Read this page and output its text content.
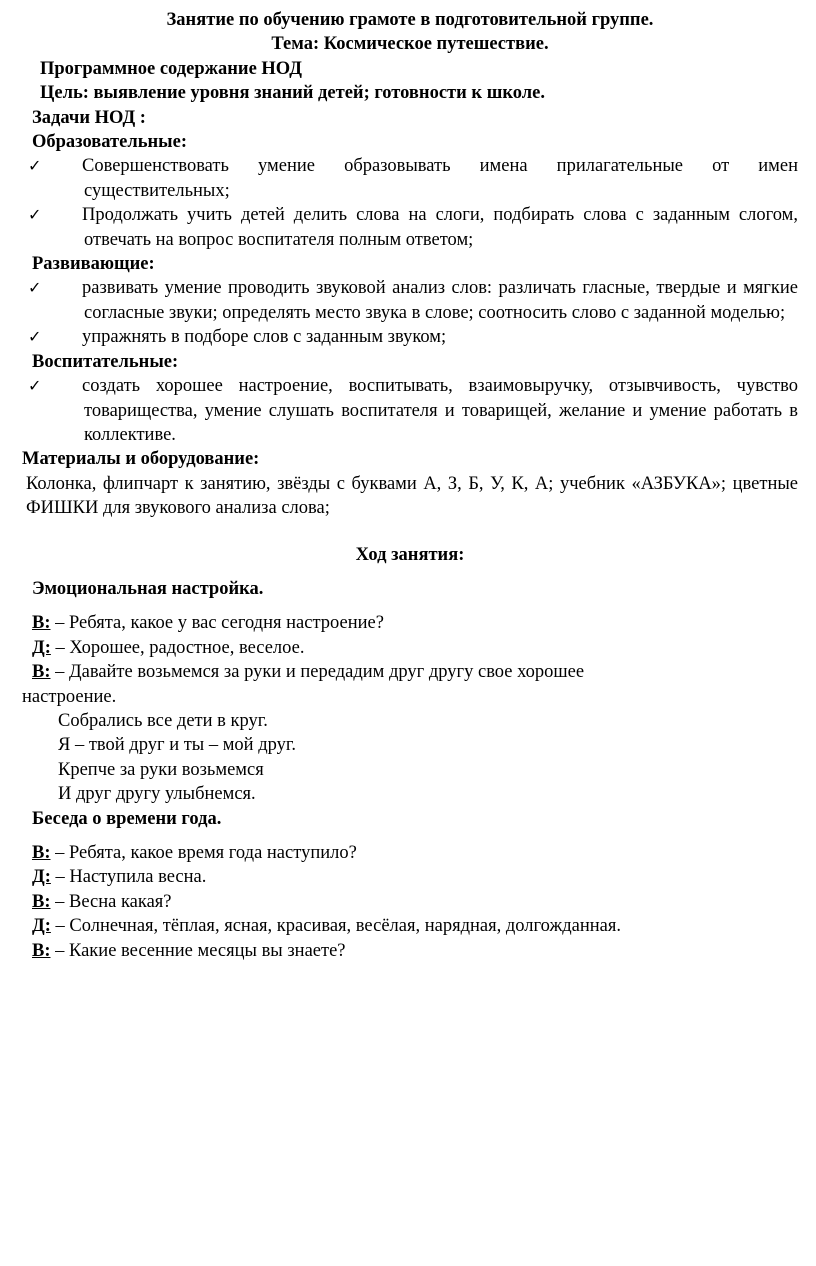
Занятие по обучению грамоте в подготовительной группе.

Тема: Космическое путешествие.

Программное содержание НОД

Цель: выявление уровня знаний детей; готовности к школе.

Задачи НОД :

Образовательные:

✓ Совершенствовать умение образовывать имена прилагательные от имен существительных;

✓ Продолжать учить детей делить слова на слоги, подбирать слова с заданным слогом, отвечать на вопрос воспитателя полным ответом;

Развивающие:

✓ развивать умение проводить звуковой анализ слов: различать гласные, твердые и мягкие согласные звуки; определять место звука в слове; соотносить слово с заданной моделью;

✓ упражнять в подборе слов с заданным звуком;

Воспитательные:

✓ создать хорошее настроение, воспитывать, взаимовыручку, отзывчивость, чувство товарищества, умение слушать воспитателя и товарищей, желание и умение работать в коллективе.

Материалы и оборудование:

Колонка, флипчарт к занятию, звёзды с буквами А, З, Б, У, К, А; учебник «АЗБУКА»; цветные ФИШКИ для звукового анализа слова;

Ход занятия:

Эмоциональная настройка.

В: – Ребята, какое у вас сегодня настроение?

Д: – Хорошее, радостное, веселое.

В: – Давайте возьмемся за руки и передадим друг другу свое хорошее

настроение.

Собрались все дети в круг.

Я – твой друг и ты – мой друг.

Крепче за руки возьмемся

И друг другу улыбнемся.

Беседа о времени года.

В: – Ребята, какое время года наступило?

Д: – Наступила весна.

В: – Весна какая?

Д: – Солнечная, тёплая, ясная, красивая, весёлая, нарядная, долгожданная.

В: – Какие весенние месяцы вы знаете?
